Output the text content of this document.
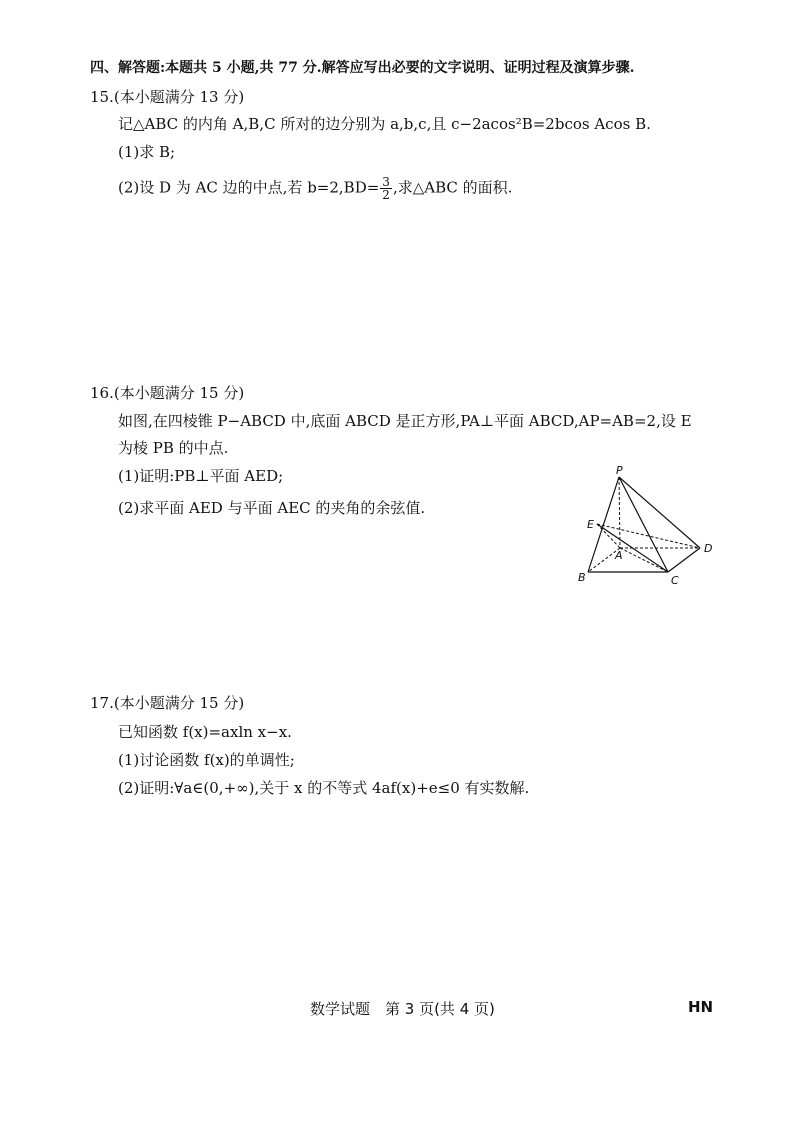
四、解答题:本题共 5 小题,共 77 分.解答应写出必要的文字说明、证明过程及演算步骤.
15.(本小题满分 13 分)
记△ABC 的内角 A,B,C 所对的边分别为 a,b,c,且 c−2acos²B=2bcos Acos B.
(1)求 B;
(2)设 D 为 AC 边的中点,若 $b=2,BD= \frac{3}{2}$ ,求△ABC 的面积.
16.(本小题满分 15 分)
如图,在四棱锥 P−ABCD 中,底面 ABCD 是正方形,PA⊥平面 ABCD,AP=AB=2,设 E
为棱 PB 的中点.
(1)证明:PB⊥平面 AED;
(2)求平面 AED 与平面 AEC 的夹角的余弦值.
P
E
A
D
B	C
17.(本小题满分 15 分)
已知函数 f(x)=axln x−x.
(1)讨论函数 f(x)的单调性;
(2)证明:∀a∈(0,+∞),关于 x 的不等式 4af(x)+e≤0 有实数解.
数学试题　第 3 页(共 4 页)	HN
